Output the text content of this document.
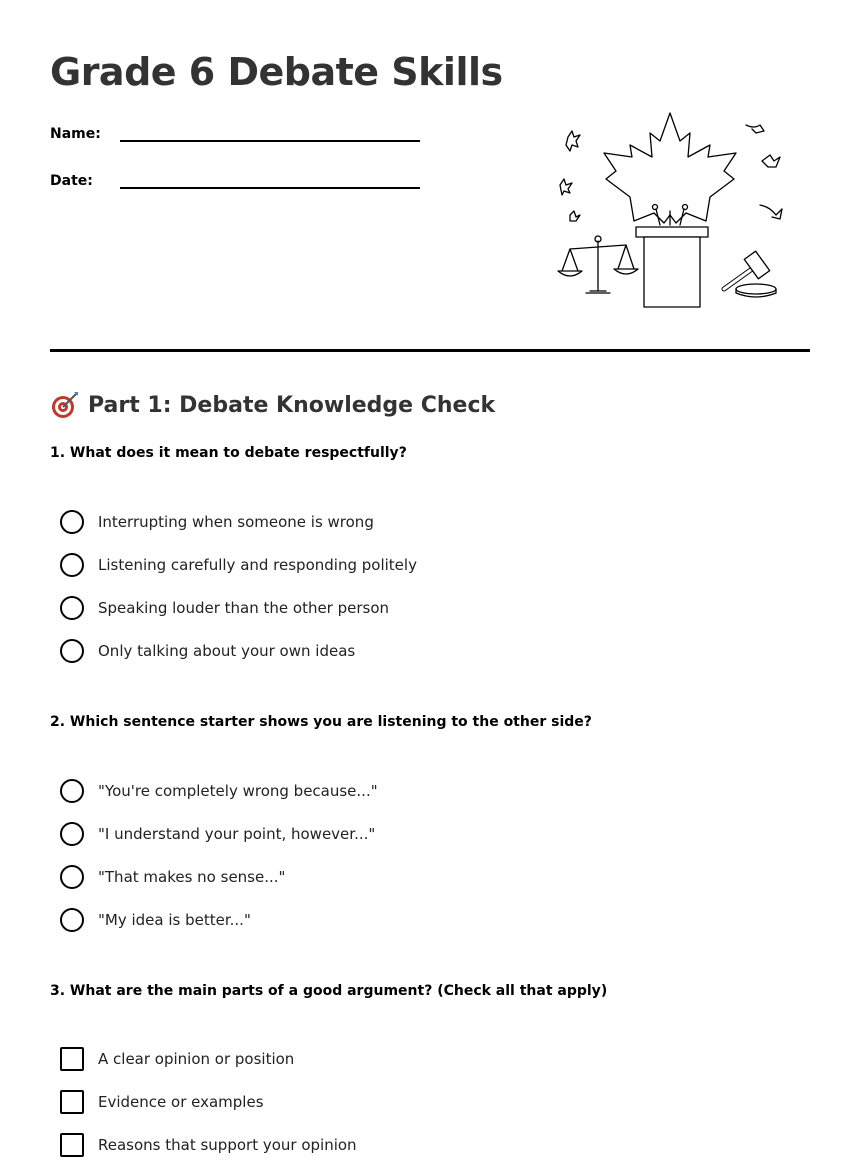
Grade 6 Debate Skills
Name:
Date:
Part 1: Debate Knowledge Check

1. What does it mean to debate respectfully?

Interrupting when someone is wrong
Listening carefully and responding politely
Speaking louder than the other person
Only talking about your own ideas

2. Which sentence starter shows you are listening to the other side?

"You're completely wrong because..."
"I understand your point, however..."
"That makes no sense..."
"My idea is better..."

3. What are the main parts of a good argument? (Check all that apply)

A clear opinion or position
Evidence or examples
Reasons that support your opinion
